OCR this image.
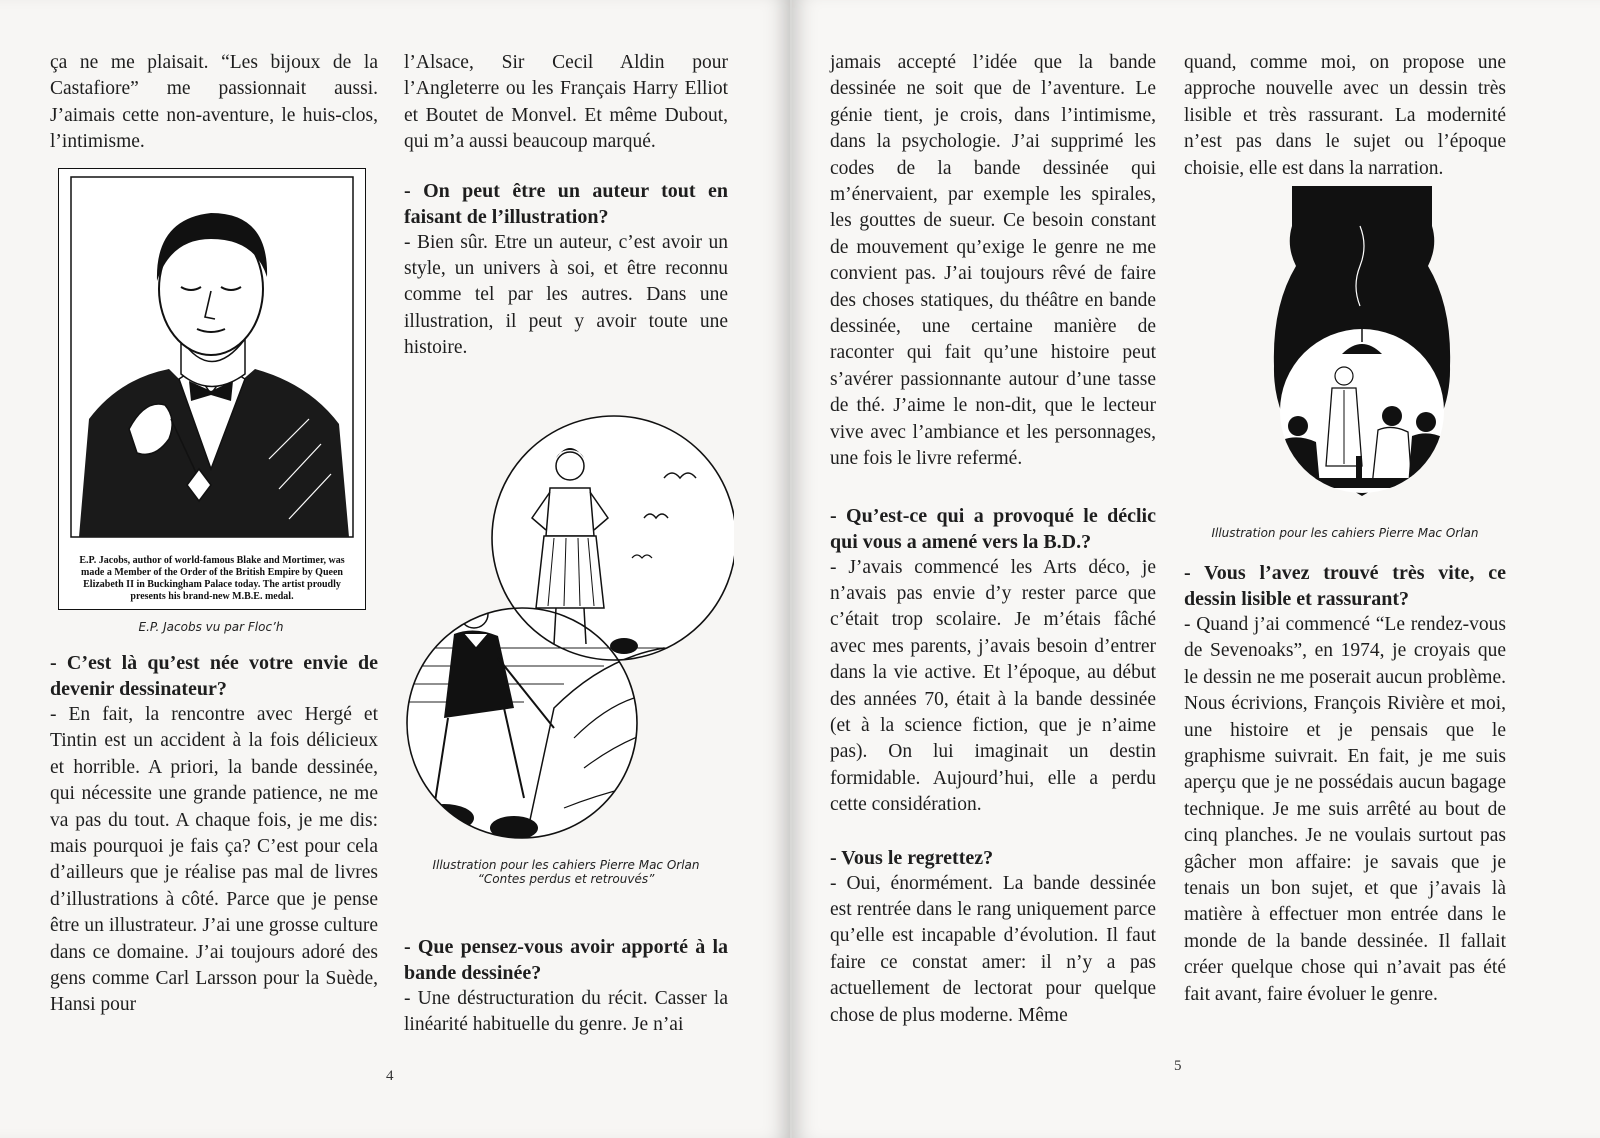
ça ne me plaisait. “Les bijoux de la Castafiore” me passionnait aussi. J’aimais cette non-aventure, le huis-clos, l’intimisme.

E.P. Jacobs, author of world-famous Blake and Mortimer, was made a Member of the Order of the British Empire by Queen Elizabeth II in Buckingham Palace today. The artist proudly presents his brand-new M.B.E. medal.
E.P. Jacobs vu par Floc’h
- C’est là qu’est née votre envie de devenir dessinateur?

- En fait, la rencontre avec Hergé et Tintin est un accident à la fois délicieux et horrible. A priori, la bande dessinée, qui nécessite une grande patience, ne me va pas du tout. A chaque fois, je me dis: mais pourquoi je fais ça? C’est pour cela d’ailleurs que je réalise pas mal de livres d’illustrations à côté. Parce que je pense être un illustrateur. J’ai une grosse culture dans ce domaine. J’ai toujours adoré des gens comme Carl Larsson pour la Suède, Hansi pour

l’Alsace, Sir Cecil Aldin pour l’Angleterre ou les Français Harry Elliot et Boutet de Monvel. Et même Dubout, qui m’a aussi beaucoup marqué.

- On peut être un auteur tout en faisant de l’illustration?

- Bien sûr. Etre un auteur, c’est avoir un style, un univers à soi, et être reconnu comme tel par les autres. Dans une illustration, il peut y avoir toute une histoire.

Illustration pour les cahiers Pierre Mac Orlan
“Contes perdus et retrouvés”
- Que pensez-vous avoir apporté à la bande dessinée?

- Une déstructuration du récit. Casser la linéarité habituelle du genre. Je n’ai

4

jamais accepté l’idée que la bande dessinée ne soit que de l’aventure. Le génie tient, je crois, dans l’intimisme, dans la psychologie. J’ai supprimé les codes de la bande dessinée qui m’énervaient, par exemple les spirales, les gouttes de sueur. Ce besoin constant de mouvement qu’exige le genre ne me convient pas. J’ai toujours rêvé de faire des choses statiques, du théâtre en bande dessinée, une certaine manière de raconter qui fait qu’une histoire peut s’avérer passionnante autour d’une tasse de thé. J’aime le non-dit, que le lecteur vive avec l’ambiance et les personnages, une fois le livre refermé.

- Qu’est-ce qui a provoqué le déclic qui vous a amené vers la B.D.?

- J’avais commencé les Arts déco, je n’avais pas envie d’y rester parce que c’était trop scolaire. Je m’étais fâché avec mes parents, j’avais besoin d’entrer dans la vie active. Et l’époque, au début des années 70, était à la bande dessinée (et à la science fiction, que je n’aime pas). On lui imaginait un destin formidable. Aujourd’hui, elle a perdu cette considération.

- Vous le regrettez?

- Oui, énormément. La bande dessinée est rentrée dans le rang uniquement parce qu’elle est incapable d’évolution. Il faut faire ce constat amer: il n’y a pas actuellement de lectorat pour quelque chose de plus moderne. Même

quand, comme moi, on propose une approche nouvelle avec un dessin très lisible et très rassurant. La modernité n’est pas dans le sujet ou l’époque choisie, elle est dans la narration.

Illustration pour les cahiers Pierre Mac Orlan
- Vous l’avez trouvé très vite, ce dessin lisible et rassurant?

- Quand j’ai commencé “Le rendez-vous de Sevenoaks”, en 1974, je croyais que le dessin ne me poserait aucun problème. Nous écrivions, François Rivière et moi, une histoire et je pensais que le graphisme suivrait. En fait, je me suis aperçu que je ne possédais aucun bagage technique. Je me suis arrêté au bout de cinq planches. Je ne voulais surtout pas gâcher mon affaire: je savais que je tenais un bon sujet, et que j’avais là matière à effectuer mon entrée dans le monde de la bande dessinée. Il fallait créer quelque chose qui n’avait pas été fait avant, faire évoluer le genre.

5
